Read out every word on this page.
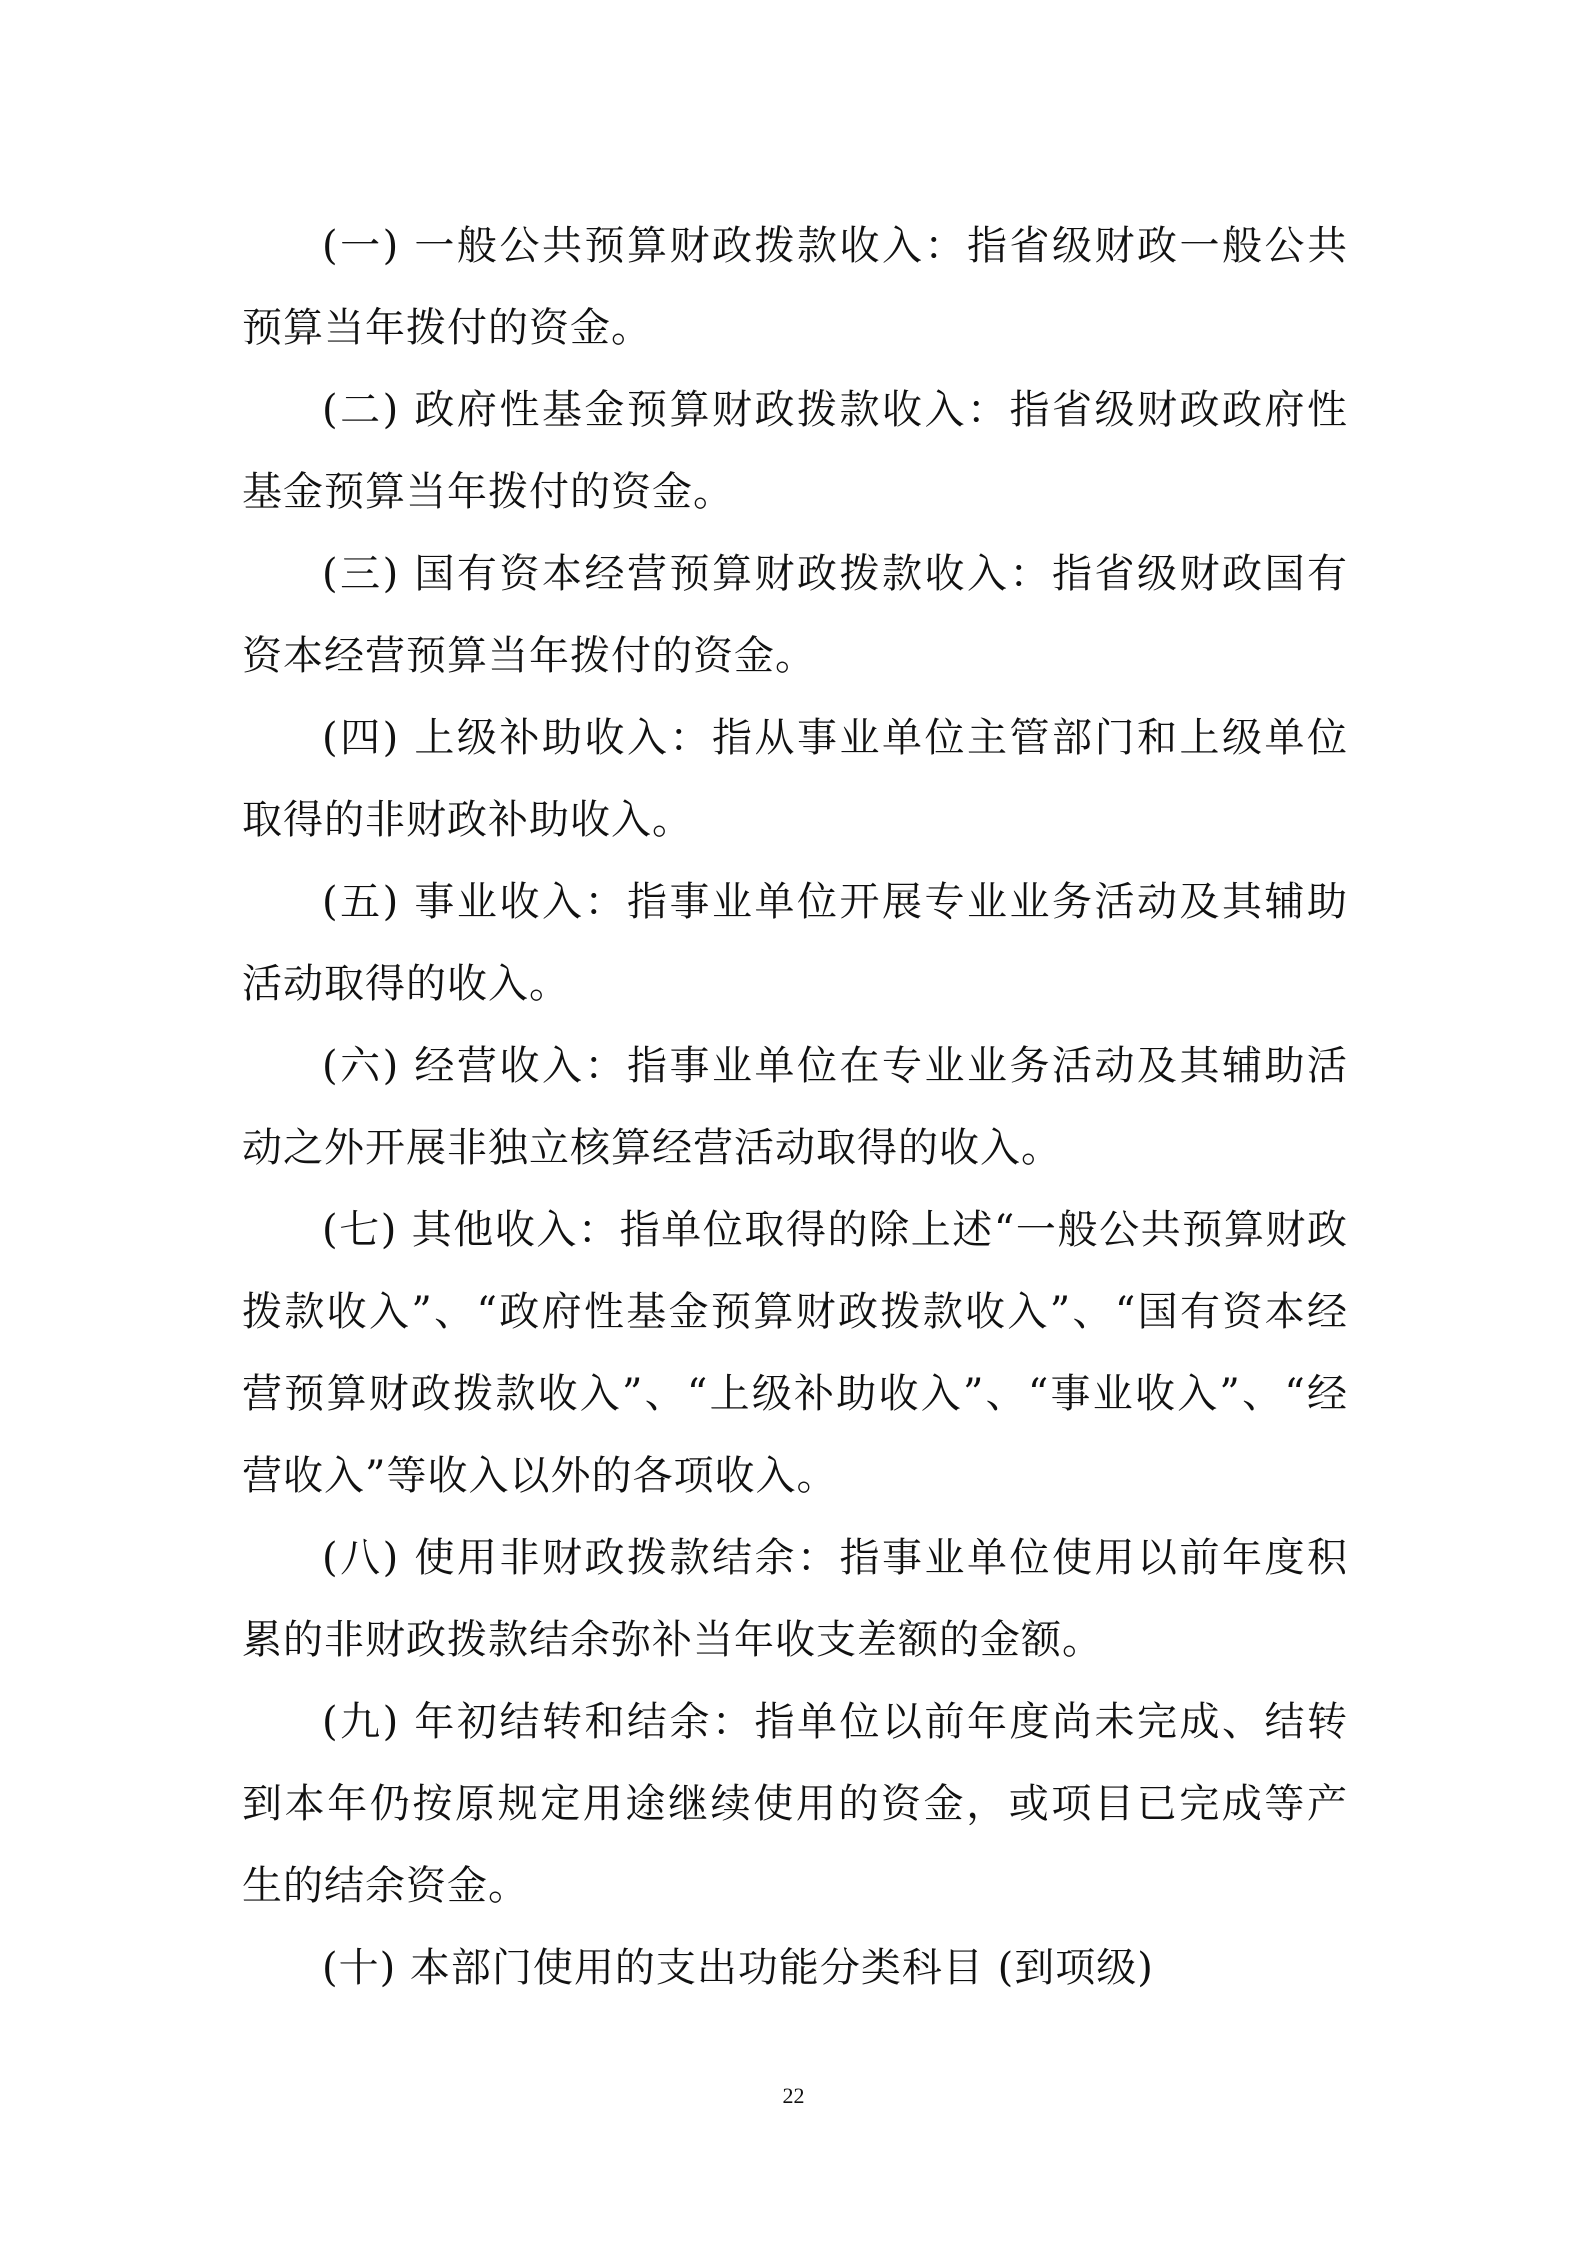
(一) 一般公共预算财政拨款收入：指省级财政一般公共预算当年拨付的资金。

(二) 政府性基金预算财政拨款收入：指省级财政政府性基金预算当年拨付的资金。

(三) 国有资本经营预算财政拨款收入：指省级财政国有资本经营预算当年拨付的资金。

(四) 上级补助收入：指从事业单位主管部门和上级单位取得的非财政补助收入。

(五) 事业收入：指事业单位开展专业业务活动及其辅助活动取得的收入。

(六) 经营收入：指事业单位在专业业务活动及其辅助活动之外开展非独立核算经营活动取得的收入。

(七) 其他收入：指单位取得的除上述“一般公共预算财政拨款收入”、“政府性基金预算财政拨款收入”、“国有资本经营预算财政拨款收入”、“上级补助收入”、“事业收入”、“经营收入”等收入以外的各项收入。

(八) 使用非财政拨款结余：指事业单位使用以前年度积累的非财政拨款结余弥补当年收支差额的金额。

(九) 年初结转和结余：指单位以前年度尚未完成、结转到本年仍按原规定用途继续使用的资金，或项目已完成等产生的结余资金。

(十) 本部门使用的支出功能分类科目 (到项级)

22
